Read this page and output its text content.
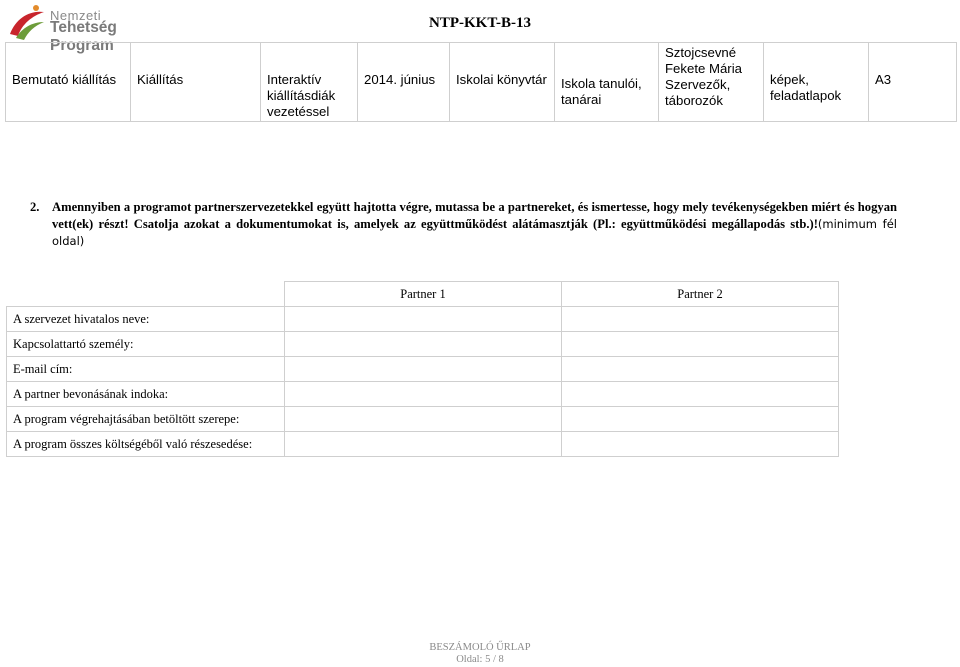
Nemzeti
Tehetség Program
NTP-KKT-B-13
Bemutató kiállítás	Kiállítás	Interaktív kiállításdiák vezetéssel	2014. június	Iskolai könyvtár	Iskola tanulói, tanárai	Sztojcsevné Fekete Mária Szervezők, táborozók	képek, feladatlapok	A3
2. Amennyiben a programot partnerszervezetekkel együtt hajtotta végre, mutassa be a partnereket, és ismertesse, hogy mely tevékenységekben miért és hogyan vett(ek) részt! Csatolja azokat a dokumentumokat is, amelyek az együttműködést alátámasztják (Pl.: együttműködési megállapodás stb.)!(minimum fél oldal)
	Partner 1	Partner 2
A szervezet hivatalos neve:		
Kapcsolattartó személy:		
E-mail cím:		
A partner bevonásának indoka:		
A program végrehajtásában betöltött szerepe:		
A program összes költségéből való részesedése:		
BESZÁMOLÓ ŰRLAP
Oldal: 5 / 8
